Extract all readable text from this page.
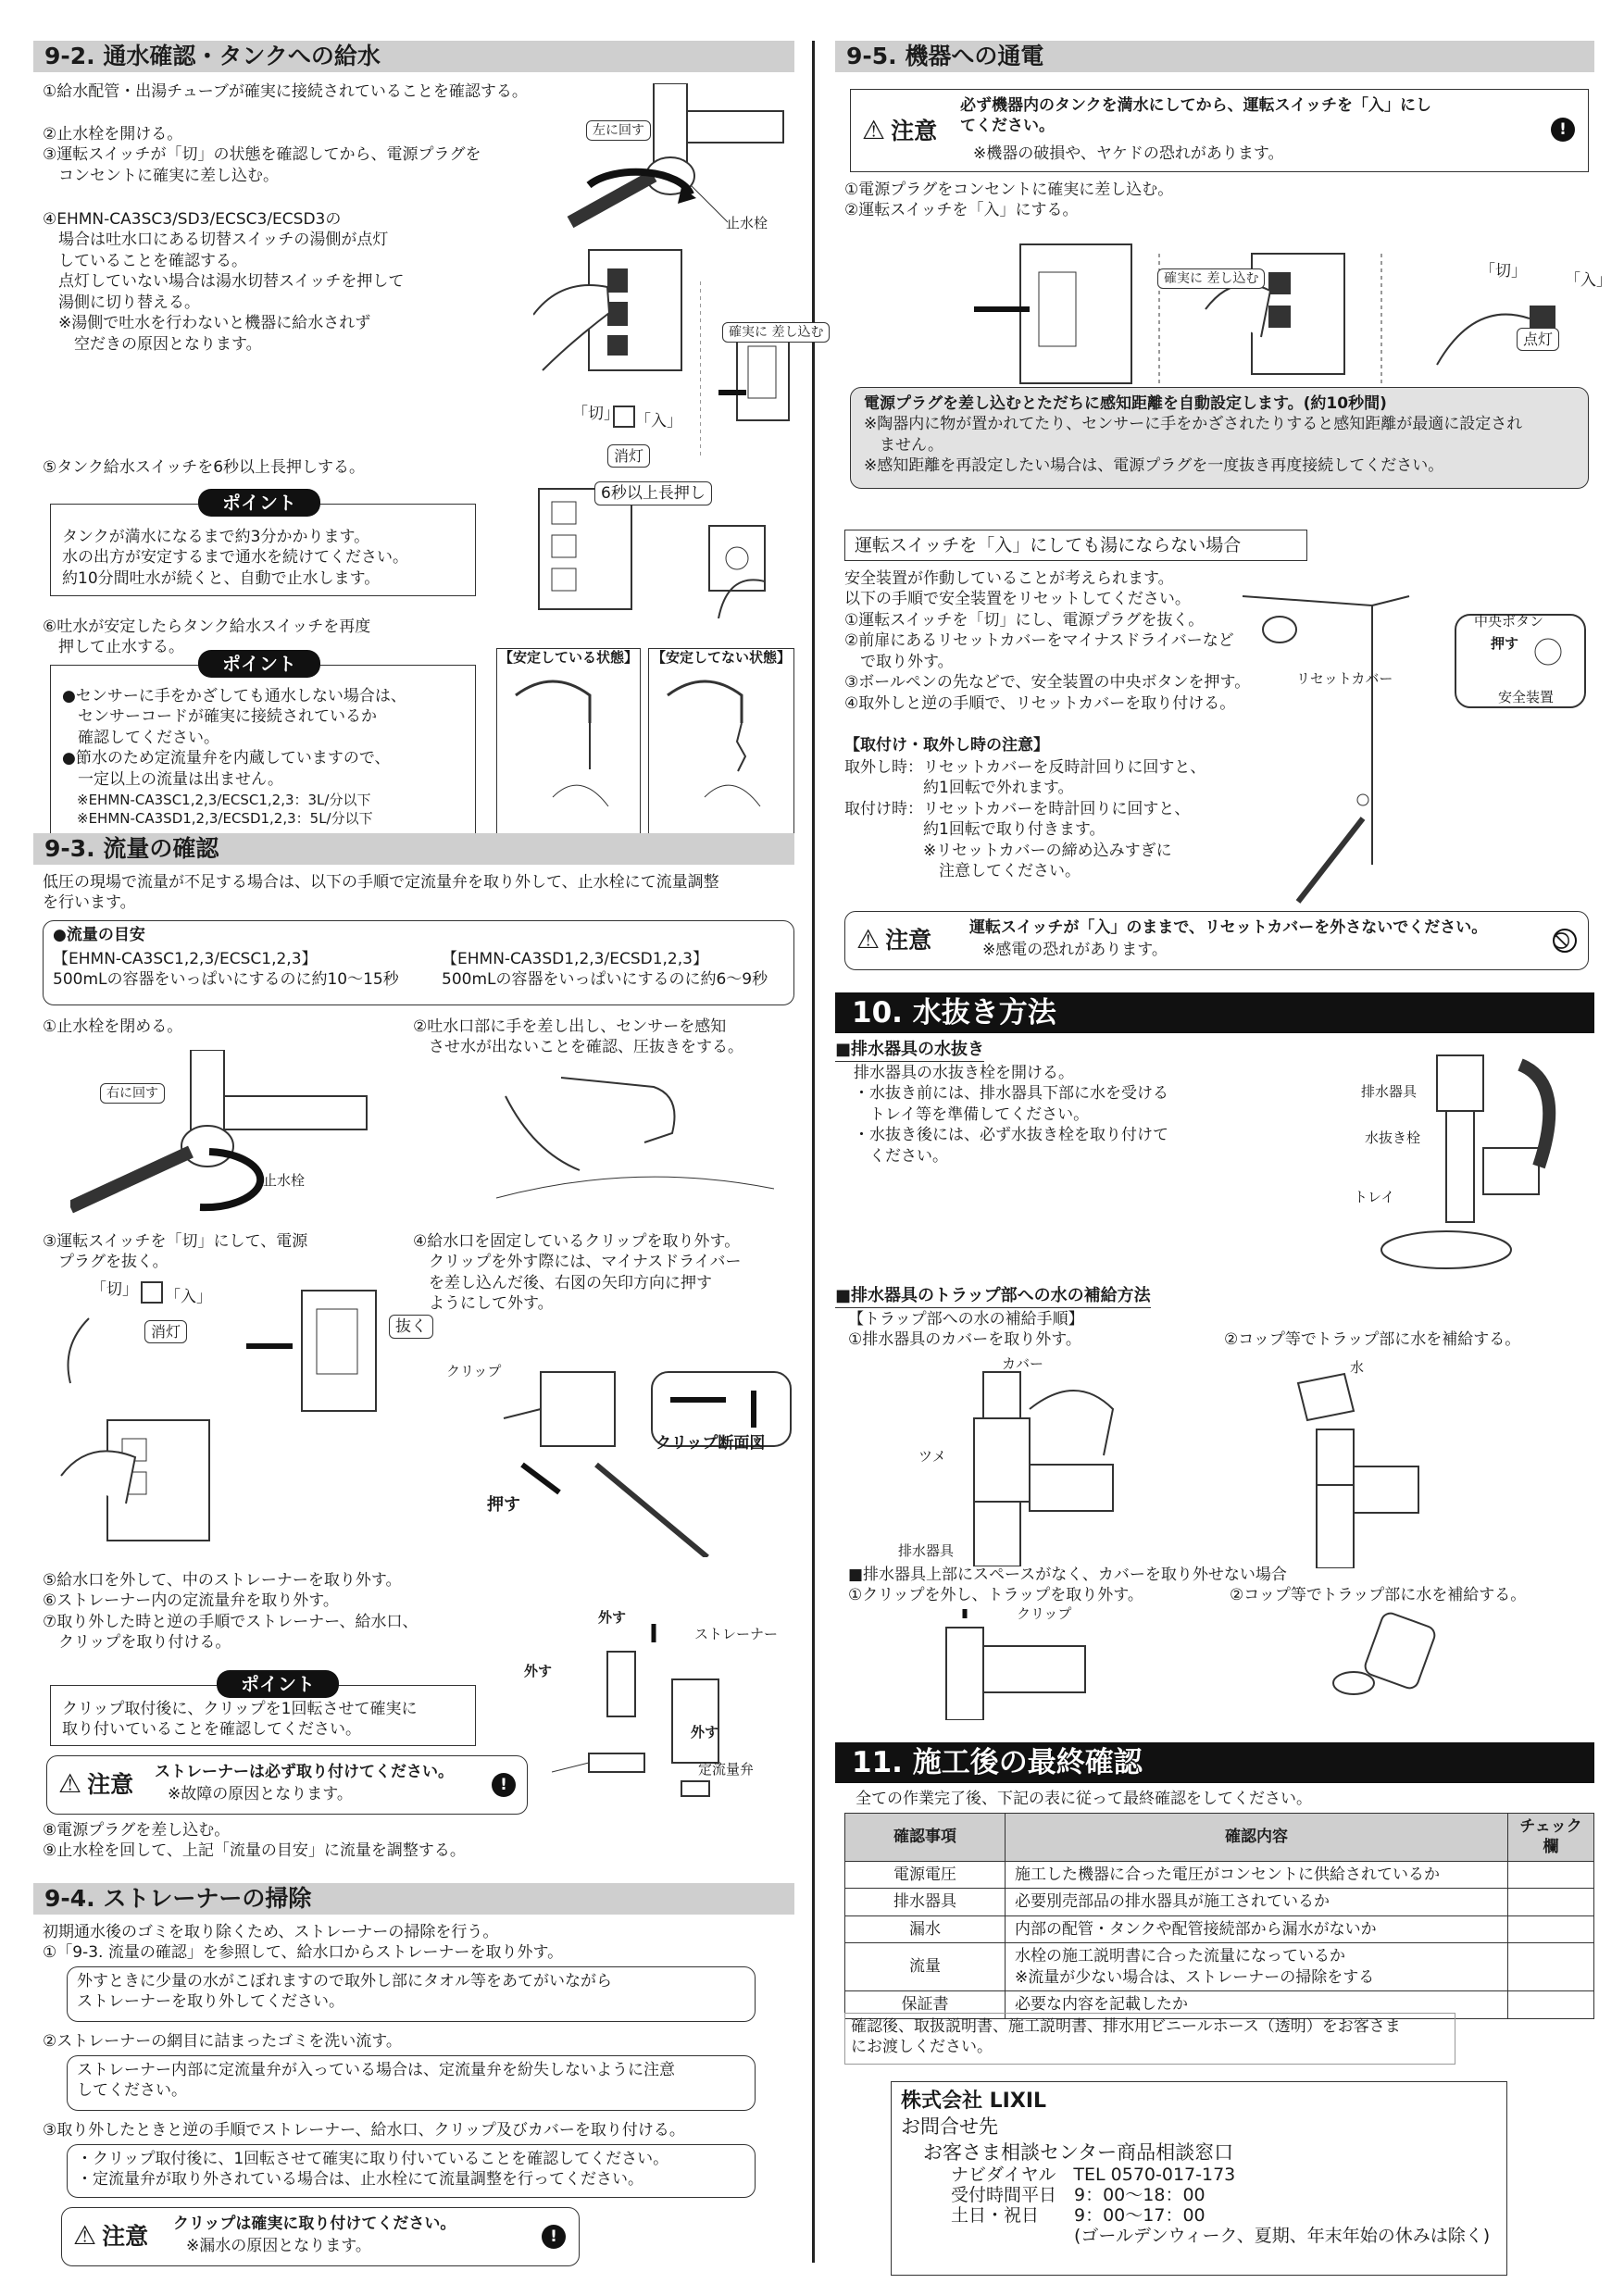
9-2. 通水確認・タンクへの給水
①給水配管・出湯チューブが確実に接続されていることを確認する。
②止水栓を開ける。
③運転スイッチが「切」の状態を確認してから、電源プラグを
　コンセントに確実に差し込む。
④EHMN-CA3SC3/SD3/ECSC3/ECSD3の
　場合は吐水口にある切替スイッチの湯側が点灯
　していることを確認する。
　点灯していない場合は湯水切替スイッチを押して
　湯側に切り替える。
　※湯側で吐水を行わないと機器に給水されず
　　空だきの原因となります。
左に回す
止水栓
確実に 差し込む
「切」 「入」
消灯
⑤タンク給水スイッチを6秒以上長押しする。
タンクが満水になるまで約3分かかります。
水の出方が安定するまで通水を続けてください。
約10分間吐水が続くと、自動で止水します。
ポイント	6秒以上長押し
⑥吐水が安定したらタンク給水スイッチを再度
　押して止水する。
●センサーに手をかざしても通水しない場合は、
　センサーコードが確実に接続されているか
　確認してください。
●節水のため定流量弁を内蔵していますので、
　一定以上の流量は出ません。
※EHMN-CA3SC1,2,3/ECSC1,2,3：3L/分以下
※EHMN-CA3SD1,2,3/ECSD1,2,3：5L/分以下
ポイント	【安定している状態】 【安定してない状態】
9-3. 流量の確認
低圧の現場で流量が不足する場合は、以下の手順で定流量弁を取り外して、止水栓にて流量調整
を行います。
●流量の目安
【EHMN-CA3SC1,2,3/ECSC1,2,3】
500mLの容器をいっぱいにするのに約10～15秒
【EHMN-CA3SD1,2,3/ECSD1,2,3】
500mLの容器をいっぱいにするのに約6～9秒
①止水栓を閉める。	②吐水口部に手を差し出し、センサーを感知
　させ水が出ないことを確認、圧抜きをする。
右に回す
止水栓
③運転スイッチを「切」にして、電源
　プラグを抜く。
④給水口を固定しているクリップを取り外す。
　クリップを外す際には、マイナスドライバー
　を差し込んだ後、右図の矢印方向に押す
　ようにして外す。
「切」 「入」
消灯	抜く
クリップ
押す
クリップ断面図
⑤給水口を外して、中のストレーナーを取り外す。
⑥ストレーナー内の定流量弁を取り外す。
⑦取り外した時と逆の手順でストレーナー、給水口、
　クリップを取り付ける。
クリップ取付後に、クリップを1回転させて確実に
取り付いていることを確認してください。
ポイント
⚠ 注意 ストレーナーは必ず取り付けてください。
※故障の原因となります。	!
外す
外す
外す
ストレーナー
定流量弁
⑧電源プラグを差し込む。
⑨止水栓を回して、上記「流量の目安」に流量を調整する。
9-4. ストレーナーの掃除
初期通水後のゴミを取り除くため、ストレーナーの掃除を行う。
①「9-3. 流量の確認」を参照して、給水口からストレーナーを取り外す。
外すときに少量の水がこぼれますので取外し部にタオル等をあてがいながら
ストレーナーを取り外してください。
②ストレーナーの網目に詰まったゴミを洗い流す。
ストレーナー内部に定流量弁が入っている場合は、定流量弁を紛失しないように注意
してください。
③取り外したときと逆の手順でストレーナー、給水口、クリップ及びカバーを取り付ける。
・クリップ取付後に、1回転させて確実に取り付いていることを確認してください。
・定流量弁が取り外されている場合は、止水栓にて流量調整を行ってください。
⚠ 注意 クリップは確実に取り付けてください。
※漏水の原因となります。	!
9-5. 機器への通電
⚠ 注意
必ず機器内のタンクを満水にしてから、運転スイッチを「入」にし
てください。
※機器の破損や、ヤケドの恐れがあります。
!
①電源プラグをコンセントに確実に差し込む。
②運転スイッチを「入」にする。
確実に 差し込む	「切」 「入」
点灯
電源プラグを差し込むとただちに感知距離を自動設定します。(約10秒間)
※陶器内に物が置かれてたり、センサーに手をかざされたりすると感知距離が最適に設定され
　ません。
※感知距離を再設定したい場合は、電源プラグを一度抜き再度接続してください。
運転スイッチを「入」にしても湯にならない場合
安全装置が作動していることが考えられます。
以下の手順で安全装置をリセットしてください。
①運転スイッチを「切」にし、電源プラグを抜く。
②前扉にあるリセットカバーをマイナスドライバーなど
　で取り外す。
③ボールペンの先などで、安全装置の中央ボタンを押す。
④取外しと逆の手順で、リセットカバーを取り付ける。
【取付け・取外し時の注意】
取外し時：リセットカバーを反時計回りに回すと、
　　　　　約1回転で外れます。
取付け時：リセットカバーを時計回りに回すと、
　　　　　約1回転で取り付きます。
　　　　　※リセットカバーの締め込みすぎに
　　　　　　注意してください。
中央ボタン
押す
リセットカバー
安全装置
⚠ 注意 運転スイッチが「入」のままで、リセットカバーを外さないでください。
※感電の恐れがあります。
10. 水抜き方法
■排水器具の水抜き
排水器具の水抜き栓を開ける。
・水抜き前には、排水器具下部に水を受ける
　トレイ等を準備してください。
・水抜き後には、必ず水抜き栓を取り付けて
　ください。
排水器具
水抜き栓
トレイ
■排水器具のトラップ部への水の補給方法
【トラップ部への水の補給手順】
①排水器具のカバーを取り外す。	②コップ等でトラップ部に水を補給する。
カバー
ツメ
排水器具
水
■排水器具上部にスペースがなく、カバーを取り外せない場合
①クリップを外し、トラップを取り外す。	②コップ等でトラップ部に水を補給する。
クリップ
11. 施工後の最終確認
全ての作業完了後、下記の表に従って最終確認をしてください。
確認事項	確認内容	チェック欄
電源電圧	施工した機器に合った電圧がコンセントに供給されているか	
排水器具	必要別売部品の排水器具が施工されているか	
漏水	内部の配管・タンクや配管接続部から漏水がないか	
流量	水栓の施工説明書に合った流量になっているか
※流量が少ない場合は、ストレーナーの掃除をする	
保証書	必要な内容を記載したか	
確認後、取扱説明書、施工説明書、排水用ビニールホース（透明）をお客さま
にお渡しください。
株式会社 LIXIL
お問合せ先
お客さま相談センター商品相談窓口
ナビダイヤル　TEL 0570-017-173
受付時間平日　9：00～18：00
土日・祝日　　9：00～17：00
　　　　　　　(ゴールデンウィーク、夏期、年末年始の休みは除く)
